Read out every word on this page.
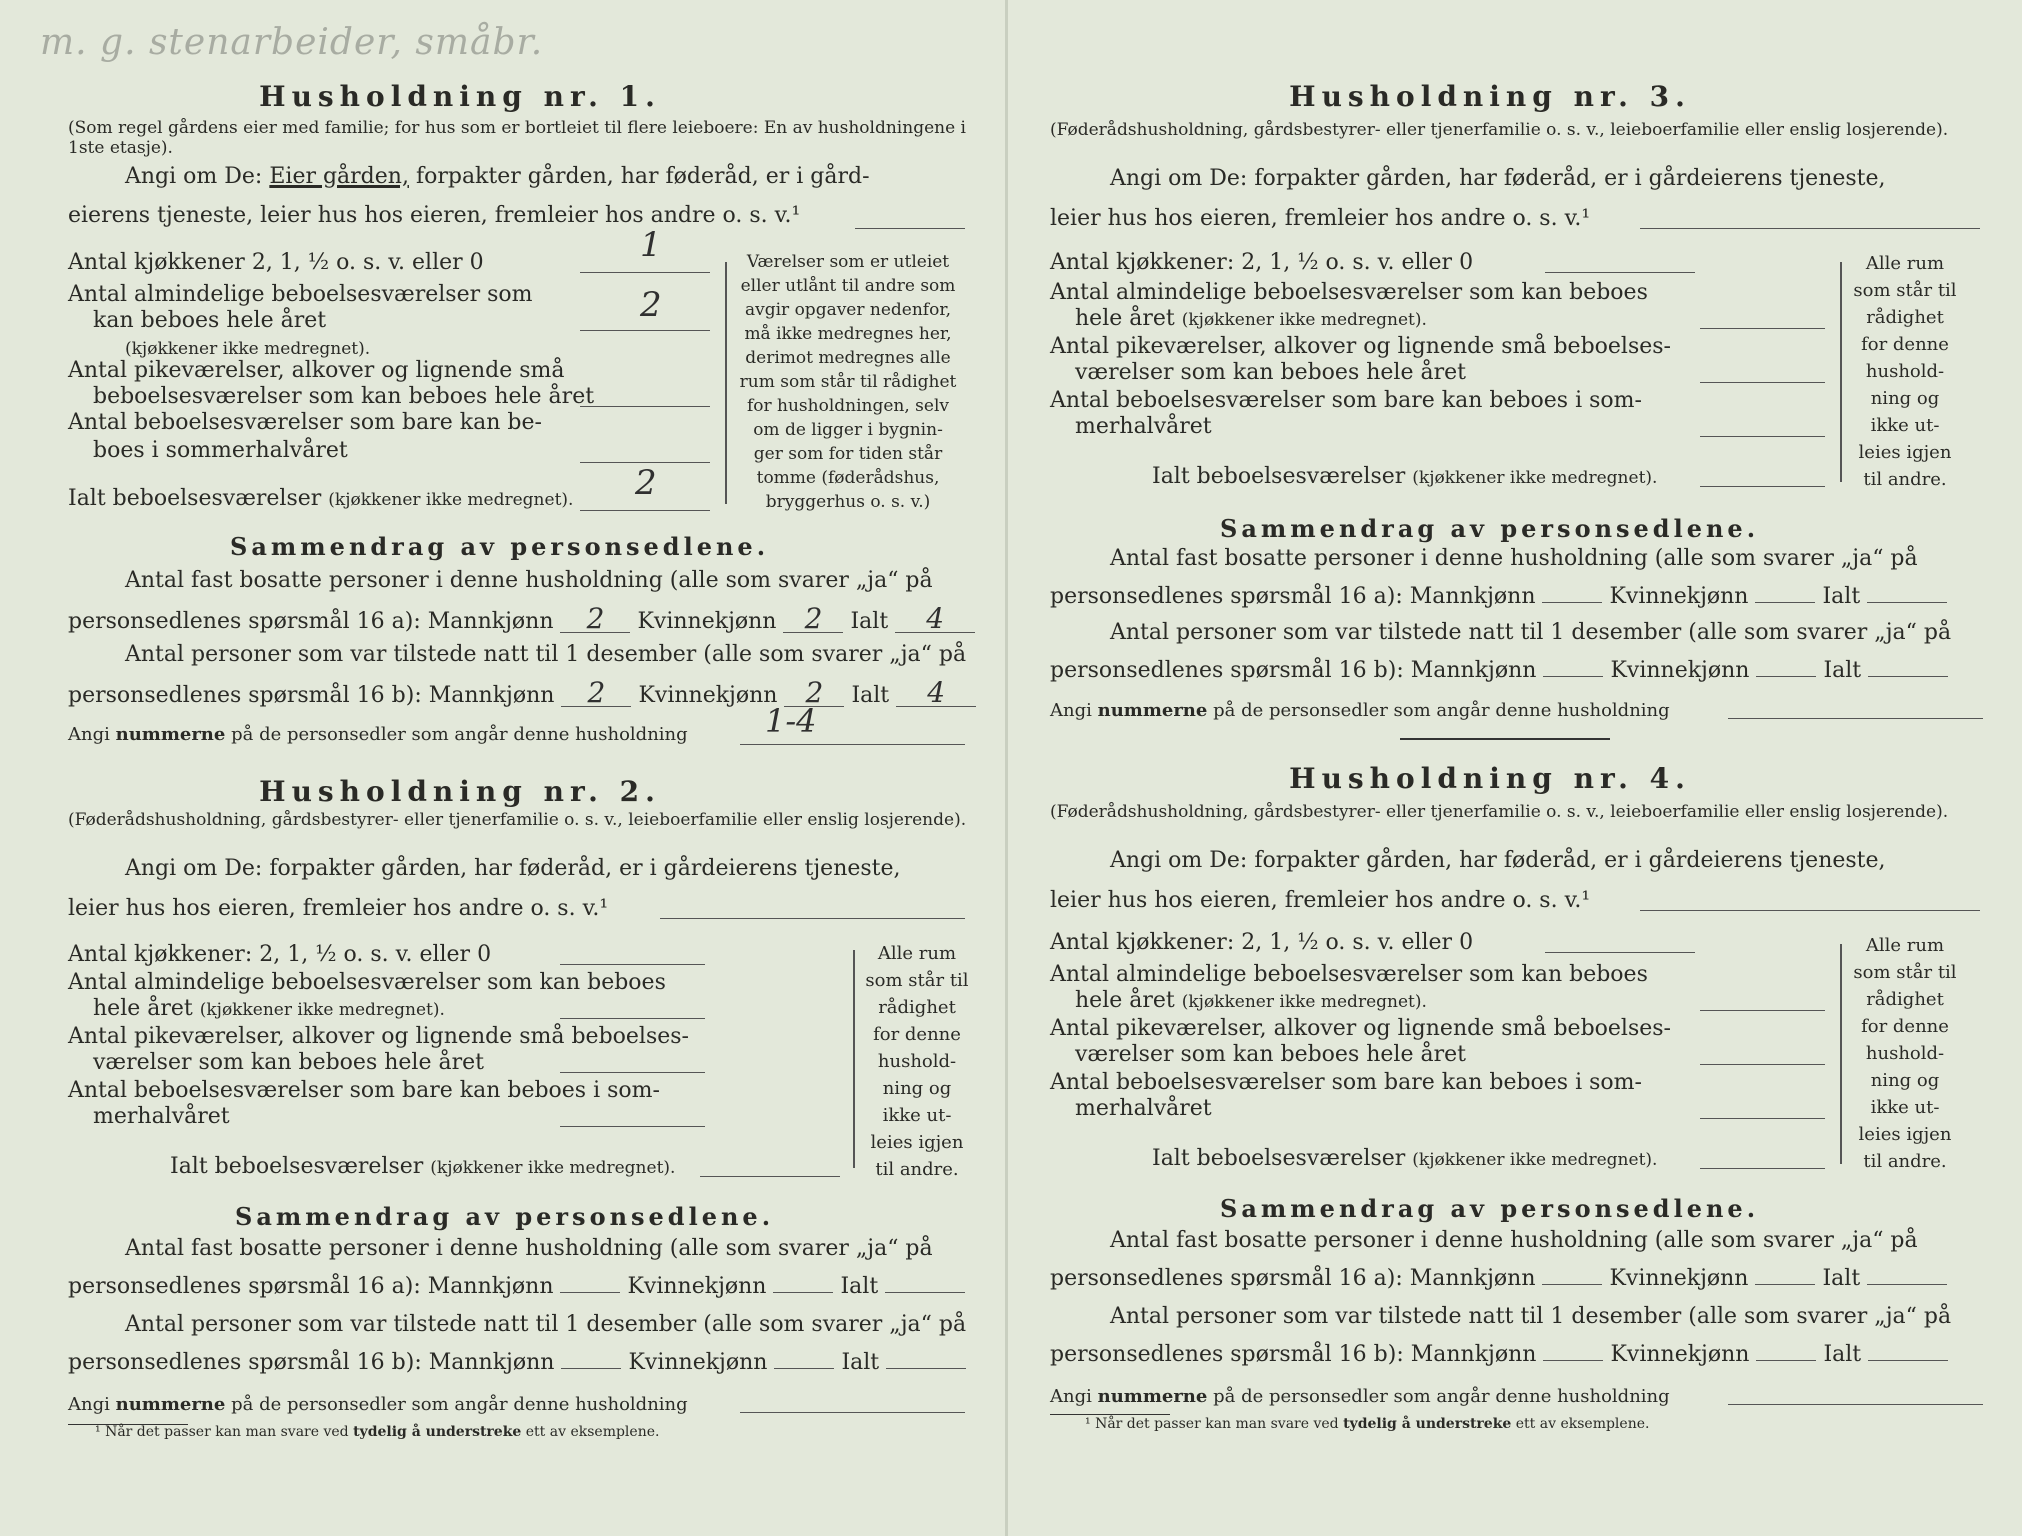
m. g. stenarbeider, småbr.
Husholdning nr. 1.
(Som regel gårdens eier med familie; for hus som er bortleiet til flere leieboere: En av husholdningene i 1ste etasje).
Angi om De: Eier gården, forpakter gården, har føderåd, er i gård-
eierens tjeneste, leier hus hos eieren, fremleier hos andre o. s. v.¹
Antal kjøkkener 2, 1, ½ o. s. v. eller 0	1
Antal almindelige beboelsesværelser som
kan beboes hele året	2
(kjøkkener ikke medregnet).
Antal pikeværelser, alkover og lignende små
beboelsesværelser som kan beboes hele året
Antal beboelsesværelser som bare kan be-
boes i sommerhalvåret
Ialt beboelsesværelser (kjøkkener ikke medregnet). 2
Værelser som er utleiet
eller utlånt til andre som
avgir opgaver nedenfor,
må ikke medregnes her,
derimot medregnes alle
rum som står til rådighet
for husholdningen, selv
om de ligger i bygnin-
ger som for tiden står
tomme (føderådshus,
bryggerhus o. s. v.)
Sammendrag av personsedlene.
Antal fast bosatte personer i denne husholdning (alle som svarer „ja“ på
personsedlenes spørsmål 16 a): Mannkjønn 2 Kvinnekjønn 2 Ialt 4
Antal personer som var tilstede natt til 1 desember (alle som svarer „ja“ på
personsedlenes spørsmål 16 b): Mannkjønn 2 Kvinnekjønn 2 Ialt 4
Angi nummerne på de personsedler som angår denne husholdning 1-4
Husholdning nr. 2.
(Føderådshusholdning, gårdsbestyrer- eller tjenerfamilie o. s. v., leieboerfamilie eller enslig losjerende).
Angi om De: forpakter gården, har føderåd, er i gårdeierens tjeneste,
leier hus hos eieren, fremleier hos andre o. s. v.¹
Antal kjøkkener: 2, 1, ½ o. s. v. eller 0
Antal almindelige beboelsesværelser som kan beboes
hele året (kjøkkener ikke medregnet).
Antal pikeværelser, alkover og lignende små beboelses-
værelser som kan beboes hele året
Antal beboelsesværelser som bare kan beboes i som-
merhalvåret
Ialt beboelsesværelser (kjøkkener ikke medregnet).
Alle rum
som står til
rådighet
for denne
hushold-
ning og
ikke ut-
leies igjen
til andre.
Sammendrag av personsedlene.
Antal fast bosatte personer i denne husholdning (alle som svarer „ja“ på
personsedlenes spørsmål 16 a): Mannkjønn	Kvinnekjønn	Ialt
Antal personer som var tilstede natt til 1 desember (alle som svarer „ja“ på
personsedlenes spørsmål 16 b): Mannkjønn	Kvinnekjønn	Ialt
Angi nummerne på de personsedler som angår denne husholdning
¹ Når det passer kan man svare ved tydelig å understreke ett av eksemplene.
Husholdning nr. 3.
(Føderådshusholdning, gårdsbestyrer- eller tjenerfamilie o. s. v., leieboerfamilie eller enslig losjerende).
Angi om De: forpakter gården, har føderåd, er i gårdeierens tjeneste,
leier hus hos eieren, fremleier hos andre o. s. v.¹
Antal kjøkkener: 2, 1, ½ o. s. v. eller 0
Antal almindelige beboelsesværelser som kan beboes
hele året (kjøkkener ikke medregnet).
Antal pikeværelser, alkover og lignende små beboelses-
værelser som kan beboes hele året
Antal beboelsesværelser som bare kan beboes i som-
merhalvåret
Ialt beboelsesværelser (kjøkkener ikke medregnet).
Alle rum
som står til
rådighet
for denne
hushold-
ning og
ikke ut-
leies igjen
til andre.
Sammendrag av personsedlene.
Antal fast bosatte personer i denne husholdning (alle som svarer „ja“ på
personsedlenes spørsmål 16 a): Mannkjønn	Kvinnekjønn	Ialt
Antal personer som var tilstede natt til 1 desember (alle som svarer „ja“ på
personsedlenes spørsmål 16 b): Mannkjønn	Kvinnekjønn	Ialt
Angi nummerne på de personsedler som angår denne husholdning
Husholdning nr. 4.
(Føderådshusholdning, gårdsbestyrer- eller tjenerfamilie o. s. v., leieboerfamilie eller enslig losjerende).
Angi om De: forpakter gården, har føderåd, er i gårdeierens tjeneste,
leier hus hos eieren, fremleier hos andre o. s. v.¹
Antal kjøkkener: 2, 1, ½ o. s. v. eller 0
Antal almindelige beboelsesværelser som kan beboes
hele året (kjøkkener ikke medregnet).
Antal pikeværelser, alkover og lignende små beboelses-
værelser som kan beboes hele året
Antal beboelsesværelser som bare kan beboes i som-
merhalvåret
Ialt beboelsesværelser (kjøkkener ikke medregnet).
Alle rum
som står til
rådighet
for denne
hushold-
ning og
ikke ut-
leies igjen
til andre.
Sammendrag av personsedlene.
Antal fast bosatte personer i denne husholdning (alle som svarer „ja“ på
personsedlenes spørsmål 16 a): Mannkjønn	Kvinnekjønn	Ialt
Antal personer som var tilstede natt til 1 desember (alle som svarer „ja“ på
personsedlenes spørsmål 16 b): Mannkjønn	Kvinnekjønn	Ialt
Angi nummerne på de personsedler som angår denne husholdning
¹ Når det passer kan man svare ved tydelig å understreke ett av eksemplene.
